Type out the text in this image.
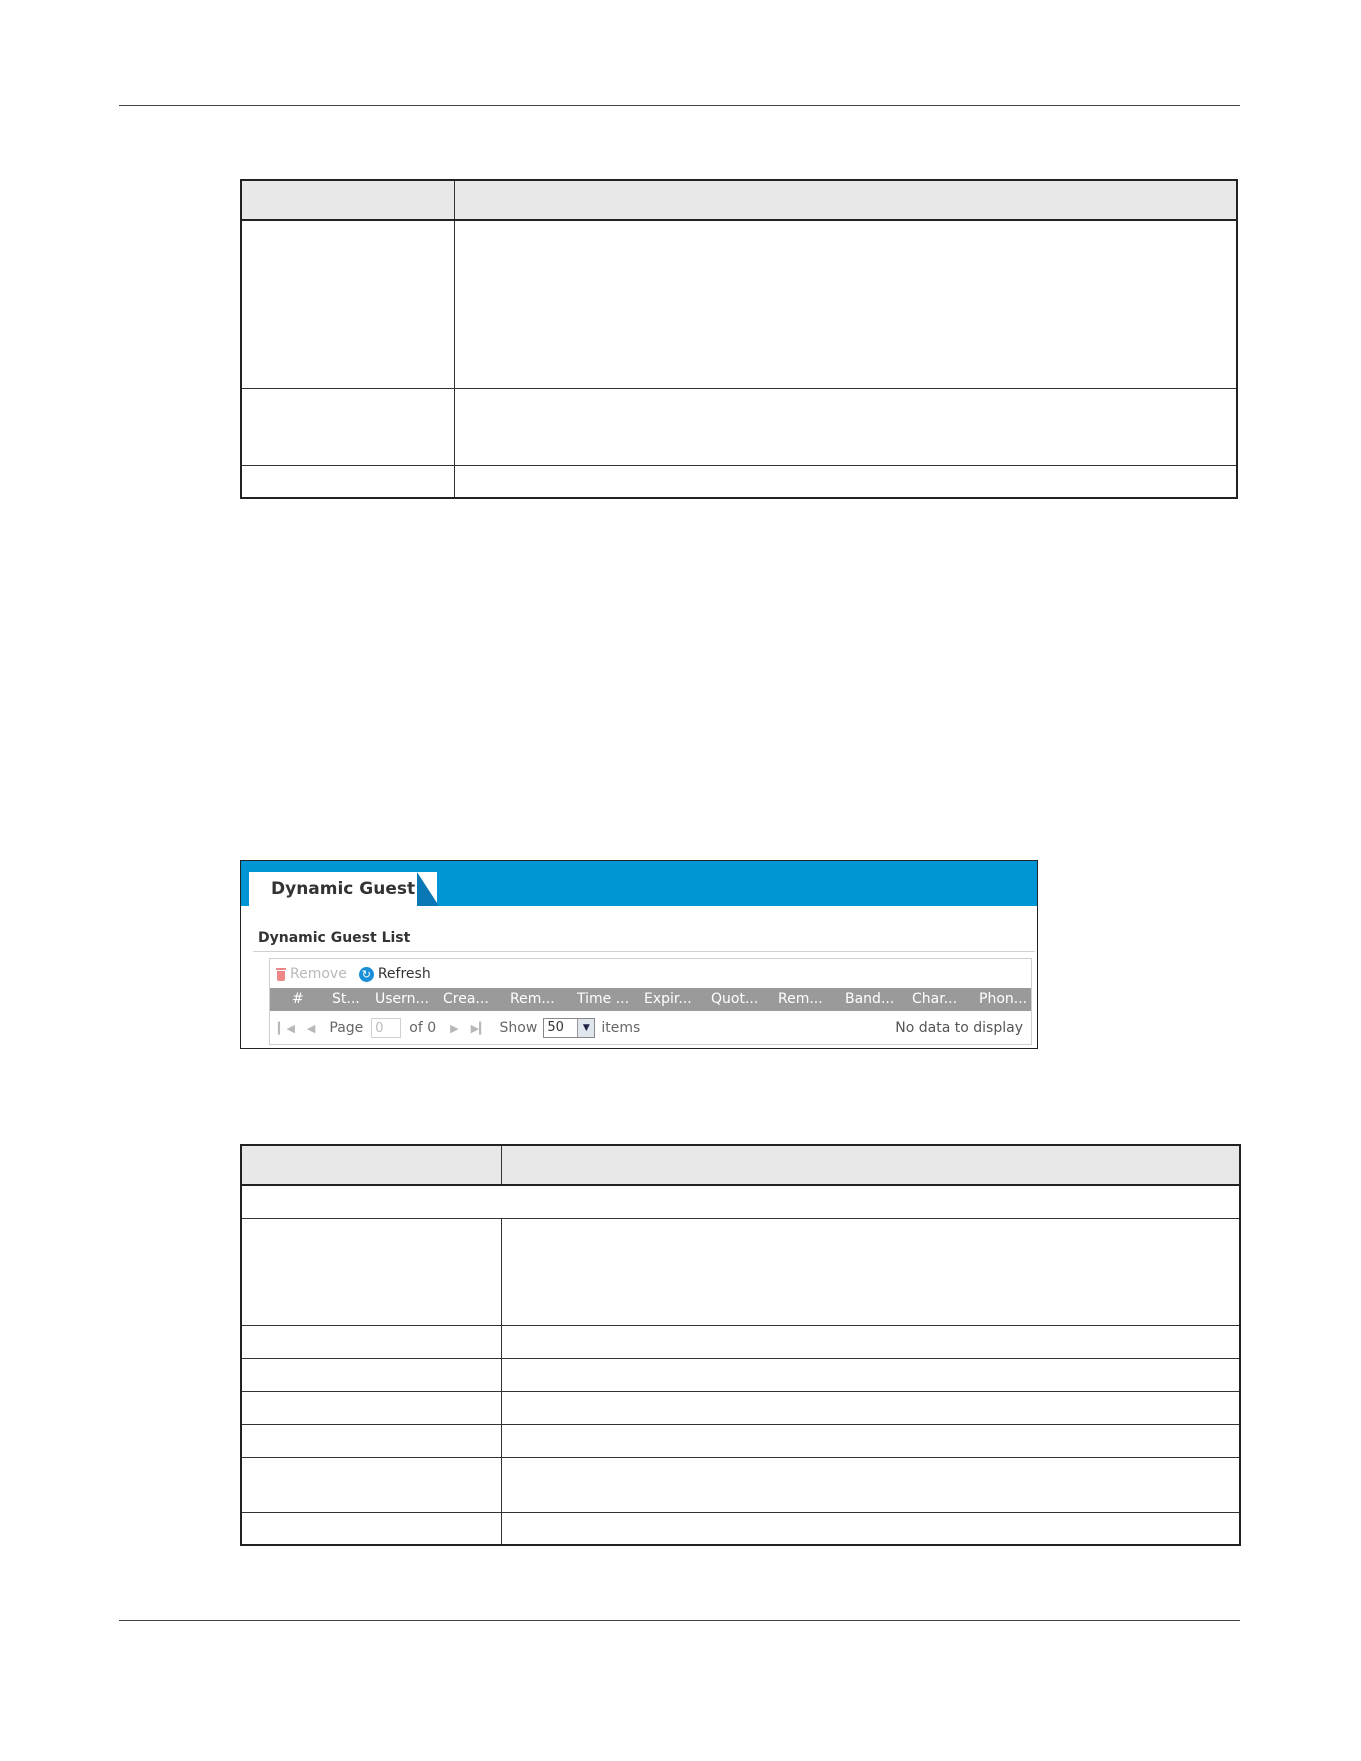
Dynamic Guest
Dynamic Guest List
Remove ↻ Refresh
#	St...	Usern...	Crea...	Rem...	Time ...	Expir...	Quot...	Rem...	Band...	Char...	Phon...
▎◀ ◀ Page
0	of 0 ▶ ▶▎ Show 50	▼ items	No data to display
